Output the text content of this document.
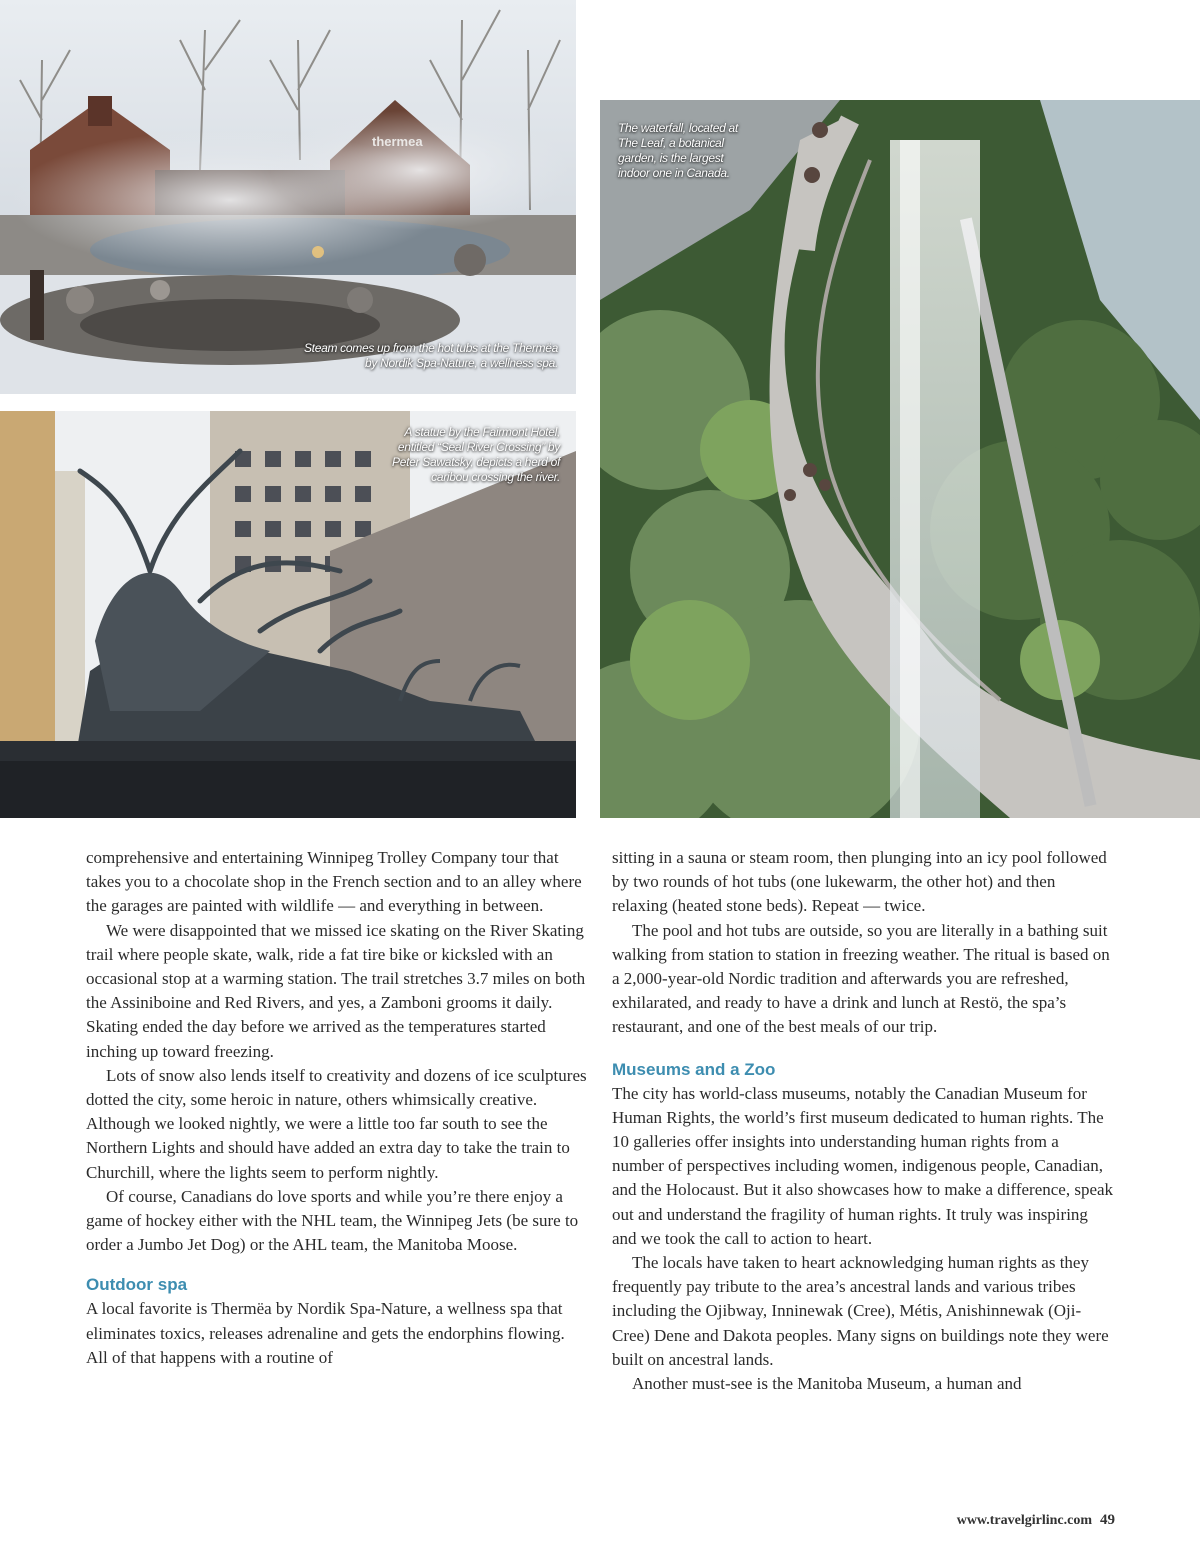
Steam comes up from the hot tubs at the Thermëa by Nordik Spa-Nature, a wellness spa.
A statue by the Fairmont Hotel, entitled “Seal River Crossing” by Peter Sawatsky, depicts a herd of caribou crossing the river.
The waterfall, located at The Leaf, a botanical garden, is the largest indoor one in Canada.

comprehensive and entertaining Winnipeg Trolley Company tour that takes you to a chocolate shop in the French section and to an alley where the garages are painted with wildlife — and everything in between.

We were disappointed that we missed ice skating on the River Skating trail where people skate, walk, ride a fat tire bike or kicksled with an occasional stop at a warming station. The trail stretches 3.7 miles on both the Assiniboine and Red Rivers, and yes, a Zamboni grooms it daily. Skating ended the day before we arrived as the temperatures started inching up toward freezing.

Lots of snow also lends itself to creativity and dozens of ice sculptures dotted the city, some heroic in nature, others whimsically creative. Although we looked nightly, we were a little too far south to see the Northern Lights and should have added an extra day to take the train to Churchill, where the lights seem to perform nightly.

Of course, Canadians do love sports and while you’re there enjoy a game of hockey either with the NHL team, the Winnipeg Jets (be sure to order a Jumbo Jet Dog) or the AHL team, the Manitoba Moose.

Outdoor spa

A local favorite is Thermëa by Nordik Spa-Nature, a wellness spa that eliminates toxics, releases adrenaline and gets the endorphins flowing. All of that happens with a routine of

sitting in a sauna or steam room, then plunging into an icy pool followed by two rounds of hot tubs (one lukewarm, the other hot) and then relaxing (heated stone beds). Repeat — twice.

The pool and hot tubs are outside, so you are literally in a bathing suit walking from station to station in freezing weather. The ritual is based on a 2,000-year-old Nordic tradition and afterwards you are refreshed, exhilarated, and ready to have a drink and lunch at Restö, the spa’s restaurant, and one of the best meals of our trip.

Museums and a Zoo

The city has world-class museums, notably the Canadian Museum for Human Rights, the world’s first museum dedicated to human rights. The 10 galleries offer insights into understanding human rights from a number of perspectives including women, indigenous people, Canadian, and the Holocaust. But it also showcases how to make a difference, speak out and understand the fragility of human rights. It truly was inspiring and we took the call to action to heart.

The locals have taken to heart acknowledging human rights as they frequently pay tribute to the area’s ancestral lands and various tribes including the Ojibway, Inninewak (Cree), Métis, Anishinnewak (Oji-Cree) Dene and Dakota peoples. Many signs on buildings note they were built on ancestral lands.

Another must-see is the Manitoba Museum, a human and

www.travelgirlinc.com 49
